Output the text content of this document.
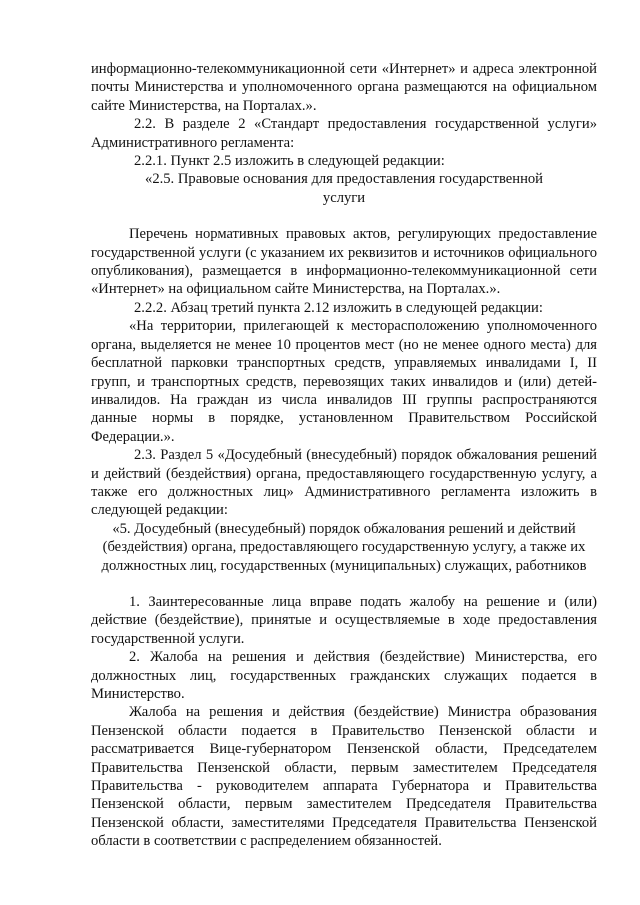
информационно-телекоммуникационной сети «Интернет» и адреса электронной почты Министерства и уполномоченного органа размещаются на официальном сайте Министерства, на Порталах.».

2.2. В разделе 2 «Стандарт предоставления государственной услуги» Административного регламента:

2.2.1. Пункт 2.5 изложить в следующей редакции:

«2.5. Правовые основания для предоставления государственной услуги

Перечень нормативных правовых актов, регулирующих предоставление государственной услуги (с указанием их реквизитов и источников официального опубликования), размещается в информационно-телекоммуникационной сети «Интернет» на официальном сайте Министерства, на Порталах.».

2.2.2. Абзац третий пункта 2.12 изложить в следующей редакции:

«На территории, прилегающей к месторасположению уполномоченного органа, выделяется не менее 10 процентов мест (но не менее одного места) для бесплатной парковки транспортных средств, управляемых инвалидами I, II групп, и транспортных средств, перевозящих таких инвалидов и (или) детей-инвалидов. На граждан из числа инвалидов III группы распространяются данные нормы в порядке, установленном Правительством Российской Федерации.».

2.3. Раздел 5 «Досудебный (внесудебный) порядок обжалования решений и действий (бездействия) органа, предоставляющего государственную услугу, а также его должностных лиц» Административного регламента изложить в следующей редакции:

«5. Досудебный (внесудебный) порядок обжалования решений и действий (бездействия) органа, предоставляющего государственную услугу, а также их должностных лиц, государственных (муниципальных) служащих, работников

1. Заинтересованные лица вправе подать жалобу на решение и (или) действие (бездействие), принятые и осуществляемые в ходе предоставления государственной услуги.

2. Жалоба на решения и действия (бездействие) Министерства, его должностных лиц, государственных гражданских служащих подается в Министерство.

Жалоба на решения и действия (бездействие) Министра образования Пензенской области подается в Правительство Пензенской области и рассматривается Вице-губернатором Пензенской области, Председателем Правительства Пензенской области, первым заместителем Председателя Правительства - руководителем аппарата Губернатора и Правительства Пензенской области, первым заместителем Председателя Правительства Пензенской области, заместителями Председателя Правительства Пензенской области в соответствии с распределением обязанностей.
